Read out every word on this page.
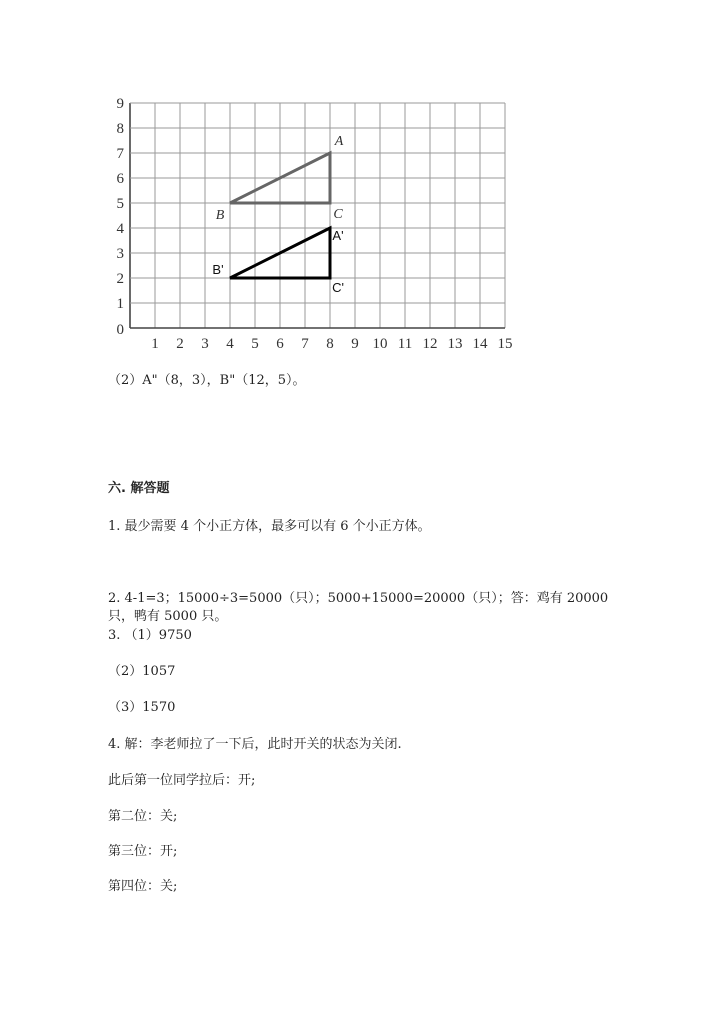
1 2 3 4 5 6 7 8 9 10 11 12 13 14 15
0
1
2
3
4
5
6
7
8
9
A
B	C
A'
B'
C'
（2）A"（8，3），B"（12，5）。
六. 解答题
1. 最少需要 4 个小正方体，最多可以有 6 个小正方体。
2. 4-1=3；15000÷3=5000（只）；5000+15000=20000（只）；答：鸡有 20000
只，鸭有 5000 只。
3. （1）9750
（2）1057
（3）1570
4. 解：李老师拉了一下后，此时开关的状态为关闭.
此后第一位同学拉后：开;
第二位：关;
第三位：开;
第四位：关;
